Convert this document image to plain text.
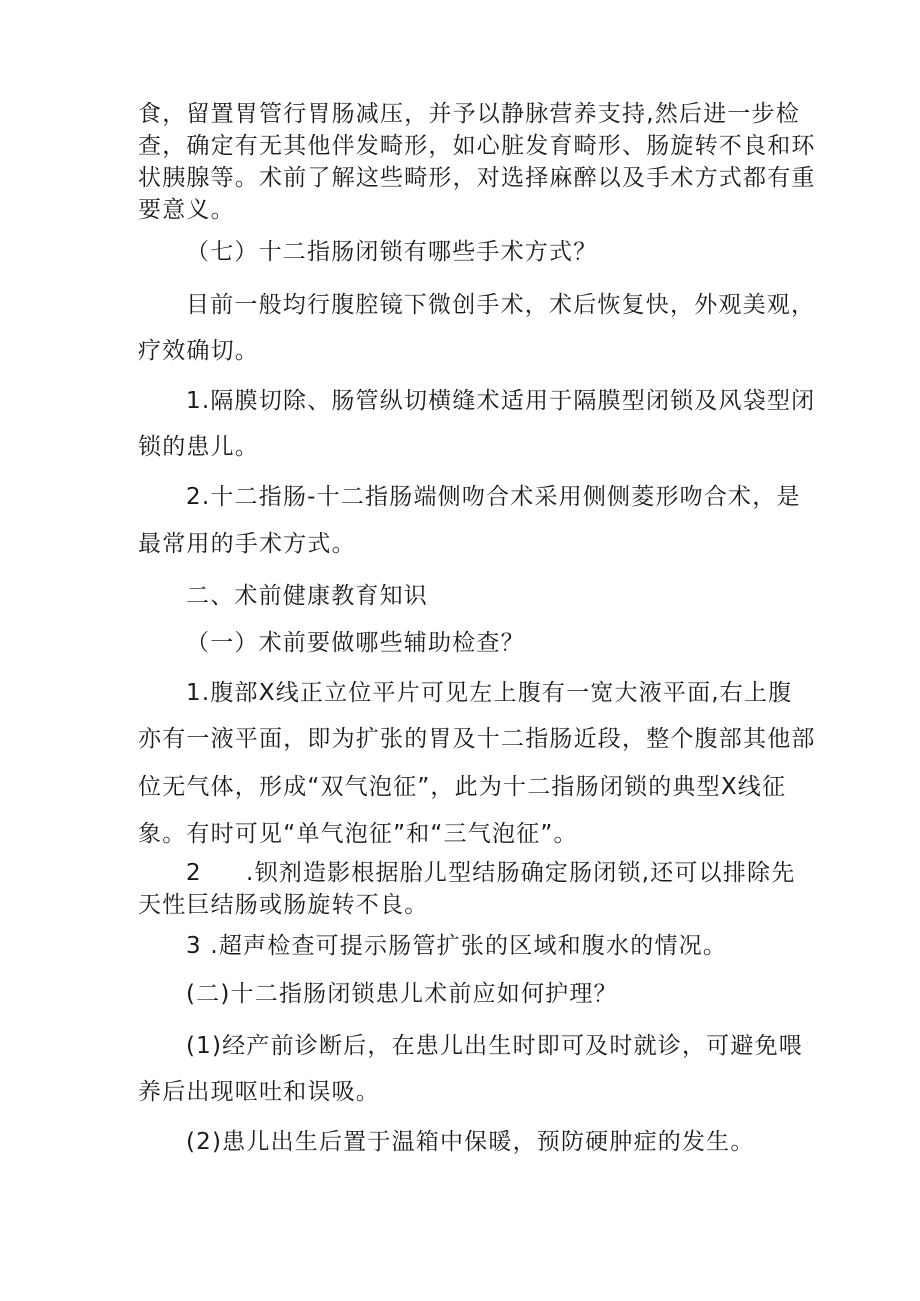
食，留置胃管行胃肠减压，并予以静脉营养支持,然后进一步检

查，确定有无其他伴发畸形，如心脏发育畸形、肠旋转不良和环

状胰腺等。术前了解这些畸形，对选择麻醉以及手术方式都有重

要意义。

（七）十二指肠闭锁有哪些手术方式？

目前一般均行腹腔镜下微创手术，术后恢复快，外观美观，

疗效确切。

1.隔膜切除、肠管纵切横缝术适用于隔膜型闭锁及风袋型闭

锁的患儿。

2.十二指肠-十二指肠端侧吻合术采用侧侧菱形吻合术，是

最常用的手术方式。

二、术前健康教育知识

（一）术前要做哪些辅助检查？

1.腹部X线正立位平片可见左上腹有一宽大液平面,右上腹

亦有一液平面，即为扩张的胃及十二指肠近段，整个腹部其他部

位无气体，形成“双气泡征”，此为十二指肠闭锁的典型X线征

象。有时可见“单气泡征”和“三气泡征”。

2 .钡剂造影根据胎儿型结肠确定肠闭锁,还可以排除先

天性巨结肠或肠旋转不良。

3 .超声检查可提示肠管扩张的区域和腹水的情况。

(二)十二指肠闭锁患儿术前应如何护理？

(1)经产前诊断后，在患儿出生时即可及时就诊，可避免喂

养后出现呕吐和误吸。

(2)患儿出生后置于温箱中保暖，预防硬肿症的发生。
